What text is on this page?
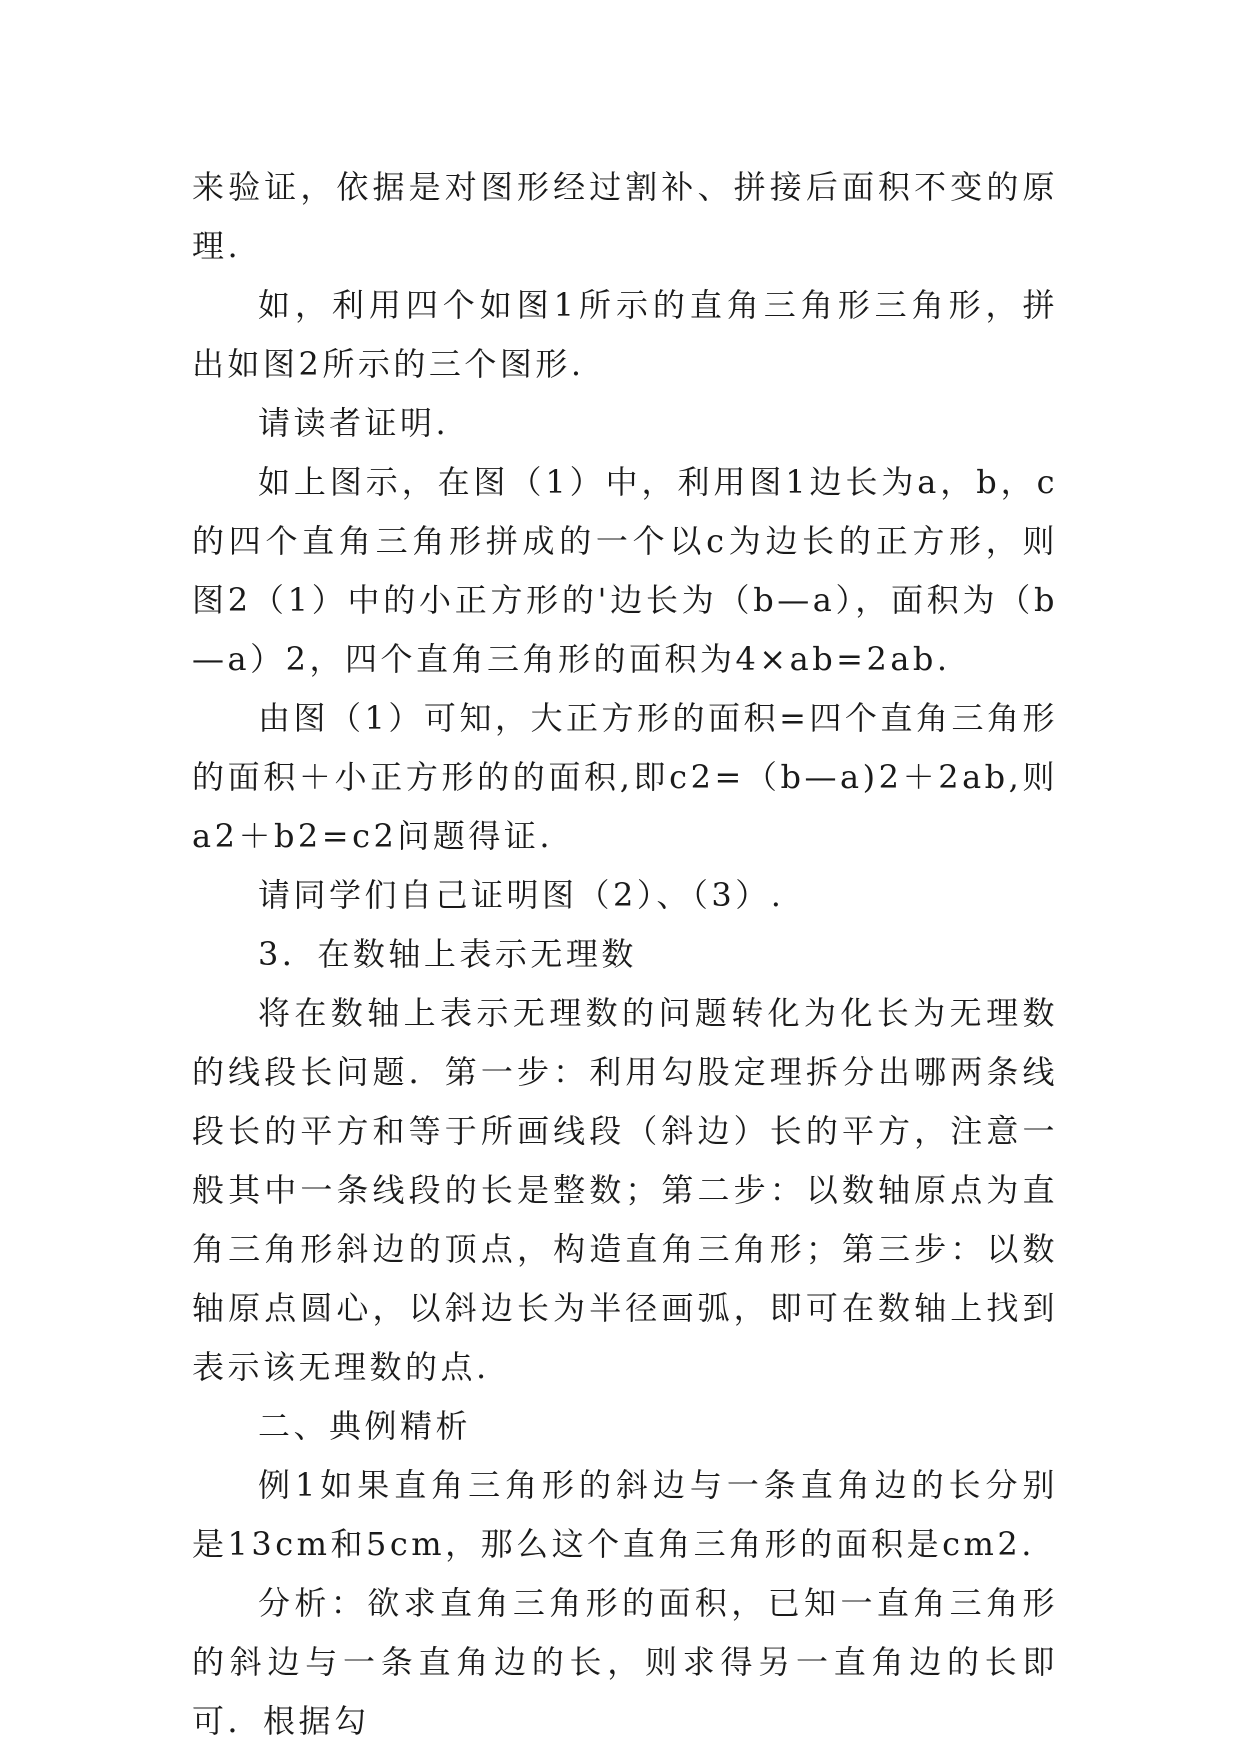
来验证，依据是对图形经过割补、拼接后面积不变的原理.

如，利用四个如图1所示的直角三角形三角形，拼出如图2所示的三个图形.

请读者证明.

如上图示，在图（1）中，利用图1边长为a，b，c的四个直角三角形拼成的一个以c为边长的正方形，则图2（1）中的小正方形的'边长为（b—a），面积为（b—a）2，四个直角三角形的面积为4×ab=2ab.

由图（1）可知，大正方形的面积=四个直角三角形的面积＋小正方形的的面积,即c2=（b—a)2＋2ab,则a2＋b2=c2问题得证.

请同学们自己证明图（2）、（3）.

3．在数轴上表示无理数

将在数轴上表示无理数的问题转化为化长为无理数的线段长问题．第一步：利用勾股定理拆分出哪两条线段长的平方和等于所画线段（斜边）长的平方，注意一般其中一条线段的长是整数；第二步：以数轴原点为直角三角形斜边的顶点，构造直角三角形；第三步：以数轴原点圆心，以斜边长为半径画弧，即可在数轴上找到表示该无理数的点.

二、典例精析

例1如果直角三角形的斜边与一条直角边的长分别是13cm和5cm，那么这个直角三角形的面积是cm2.

分析：欲求直角三角形的面积，已知一直角三角形的斜边与一条直角边的长，则求得另一直角边的长即可．根据勾
